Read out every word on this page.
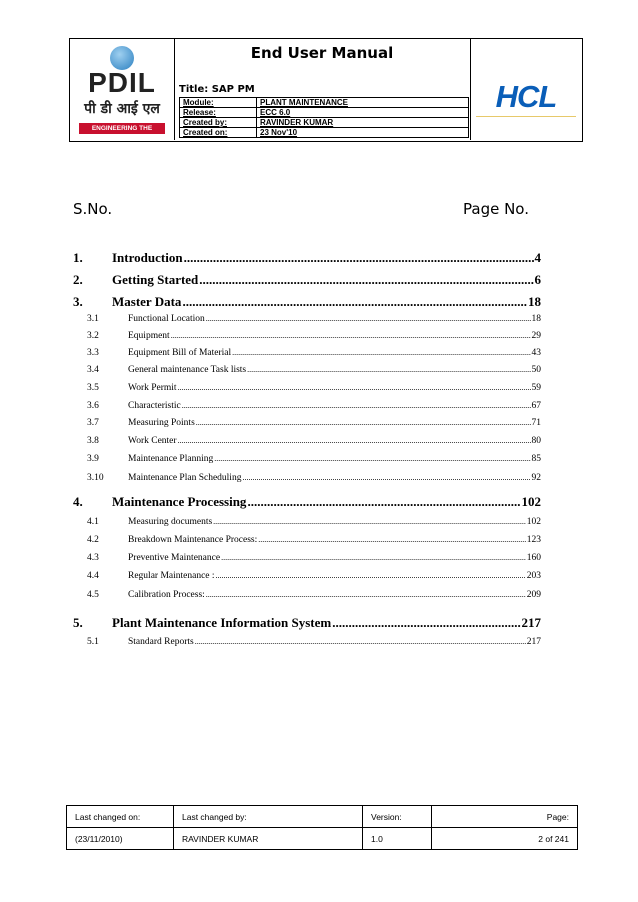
PDIL
पी डी आई एल
ENGINEERING THE FUTURE
End User Manual
Title: SAP PM
Module:	PLANT MAINTENANCE
Release:	ECC 6.0
Created by:	RAVINDER KUMAR
Created on:	23 Nov'10
HCL
S.No.	Page No.
1.	Introduction .....	4
2.	Getting Started .....	6
3.	Master Data .....	18
3.1	Functional Location .....	18
3.2	Equipment .....	29
3.3	Equipment Bill of Material .....	43
3.4	General maintenance Task lists .....	50
3.5	Work Permit .....	59
3.6	Characteristic .....	67
3.7	Measuring Points .....	71
3.8	Work Center .....	80
3.9	Maintenance Planning .....	85
3.10	Maintenance Plan Scheduling .....	92
4.	Maintenance Processing .....	102
4.1	Measuring documents .....	102
4.2	Breakdown Maintenance Process: .....	123
4.3	Preventive Maintenance .....	160
4.4	Regular Maintenance : .....	203
4.5	Calibration Process: .....	209
5.	Plant Maintenance Information System .....	217
5.1	Standard Reports .....	217
Last changed on:	Last changed by:	Version:	Page:
(23/11/2010)	RAVINDER KUMAR	1.0	2 of 241
